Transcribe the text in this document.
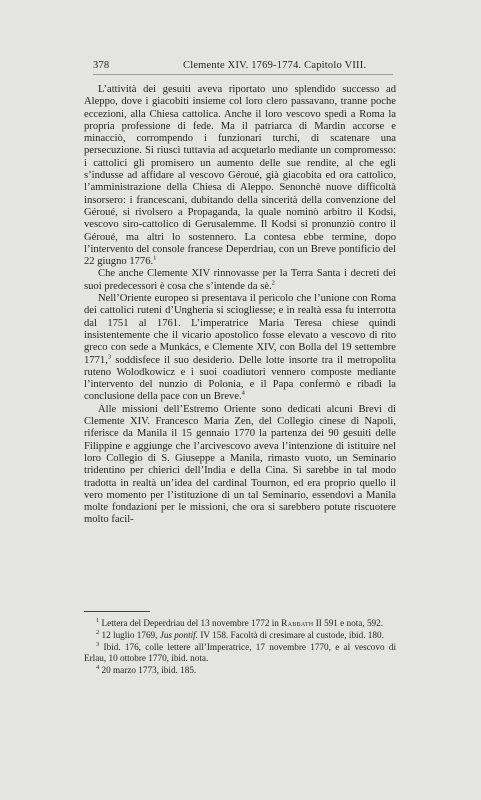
378	Clemente XIV. 1769-1774. Capitolo VIII.

L’attività dei gesuiti aveva riportato uno splendido successo ad Aleppo, dove i giacobiti insieme col loro clero passavano, tranne poche eccezioni, alla Chiesa cattolica. Anche il loro vescovo spedì a Roma la propria professione di fede. Ma il patriarca di Mardin accorse e minacciò, corrompendo i funzionari turchi, di scatenare una persecuzione. Si riuscì tuttavia ad acquetarlo mediante un compromesso: i cattolici gli promisero un aumento delle sue rendite, al che egli s’indusse ad affidare al vescovo Géroué, già giacobita ed ora cattolico, l’amministrazione della Chiesa di Aleppo. Senonchè nuove difficoltà insorsero: i francescani, dubitando della sincerità della convenzione del Géroué, si rivolsero a Propaganda, la quale nominò arbitro il Kodsi, vescovo siro-cattolico di Gerusalemme. Il Kodsi si pronunziò contro il Géroué, ma altri lo sostennero. La contesa ebbe termine, dopo l’intervento del console francese Deperdriau, con un Breve pontificio del 22 giugno 1776.$^1$

Che anche Clemente XIV rinnovasse per la Terra Santa i decreti dei suoi predecessori è cosa che s’intende da sè.$^2$

Nell’Oriente europeo si presentava il pericolo che l’unione con Roma dei cattolici ruteni d’Ungheria si sciogliesse; e in realtà essa fu interrotta dal 1751 al 1761. L’imperatrice Maria Teresa chiese quindi insistentemente che il vicario apostolico fosse elevato a vescovo di rito greco con sede a Munkács, e Clemente XIV, con Bolla del 19 settembre 1771,$^3$ soddisfece il suo desiderio. Delle lotte insorte tra il metropolita ruteno Wolodkowicz e i suoi coadiutori vennero composte mediante l’intervento del nunzio di Polonia, e il Papa confermò e ribadì la conclusione della pace con un Breve.$^4$

Alle missioni dell’Estremo Oriente sono dedicati alcuni Brevi di Clemente XIV. Francesco Maria Zen, del Collegio cinese di Napoli, riferisce da Manila il 15 gennaio 1770 la partenza dei 90 gesuiti delle Filippine e aggiunge che l’arcivescovo aveva l’intenzione di istituire nel loro Collegio di S. Giuseppe a Manila, rimasto vuoto, un Seminario tridentino per chierici dell’India e della Cina. Si sarebbe in tal modo tradotta in realtà un’idea del cardinal Tournon, ed era proprio quello il vero momento per l’istituzione di un tal Seminario, essendovi a Manila molte fondazioni per le missioni, che ora si sarebbero potute riscuotere molto facil-

$^1$ Lettera del Deperdriau del 13 novembre 1772 in Rabbath II 591 e nota, 592.

$^2$ 12 luglio 1769, Jus pontif. IV 158. Facoltà di cresimare al custode, ibid. 180.

$^3$ Ibid. 176, colle lettere all’Imperatrice, 17 novembre 1770, e al vescovo di Erlau, 10 ottobre 1770, ibid. nota.

$^4$ 20 marzo 1773, ibid. 185.
